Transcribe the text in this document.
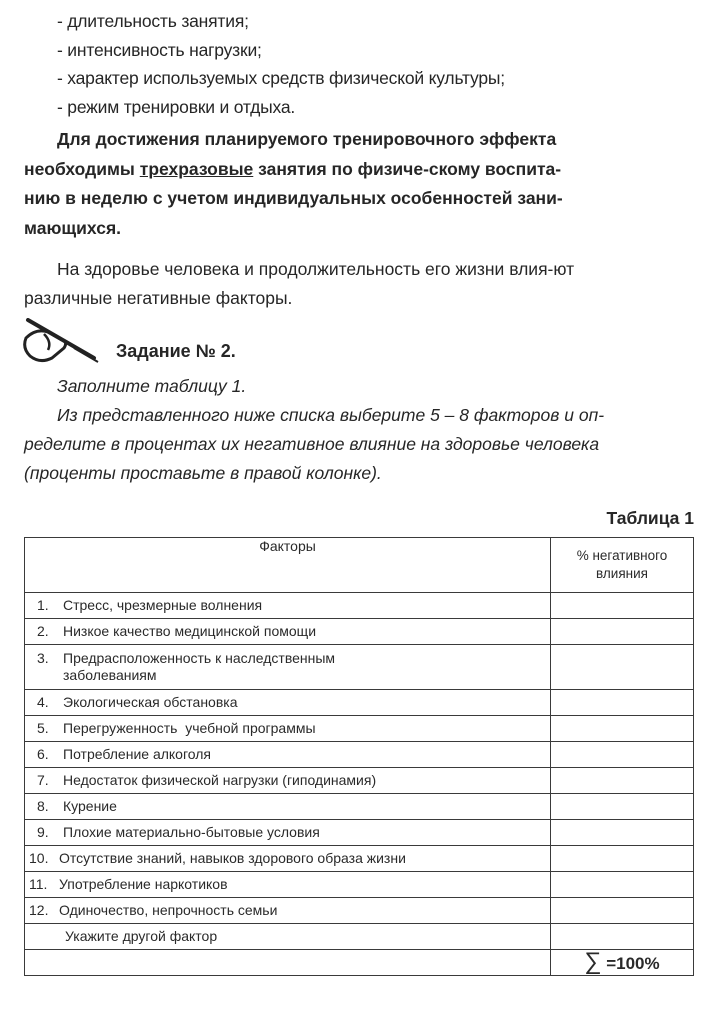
- длительность занятия;
- интенсивность нагрузки;
- характер используемых средств физической культуры;
- режим тренировки и отдыха.

Для достижения планируемого тренировочного эффекта
необходимы трехразовые занятия по физиче-скому воспита-
нию в неделю с учетом индивидуальных особенностей зани-
мающихся.

На здоровье человека и продолжительность его жизни влия-ют
различные негативные факторы.

Задание № 2.

Заполните таблицу 1.
Из представленного ниже списка выберите 5 – 8 факторов и оп-
ределите в процентах их негативное влияние на здоровье человека
(проценты проставьте в правой колонке).

Таблица 1
Факторы	% негативного
влияния
1. Стресс, чрезмерные волнения	
2. Низкое качество медицинской помощи	
3. Предрасположенность к наследственным
заболеваниям	
4. Экологическая обстановка	
5. Перегруженность  учебной программы	
6. Потребление алкоголя	
7. Недостаток физической нагрузки (гиподинамия)	
8. Курение	
9. Плохие материально-бытовые условия	
10. Отсутствие знаний, навыков здорового образа жизни	
11. Употребление наркотиков	
12. Одиночество, непрочность семьи	
Укажите другой фактор	
	∑ =100%
